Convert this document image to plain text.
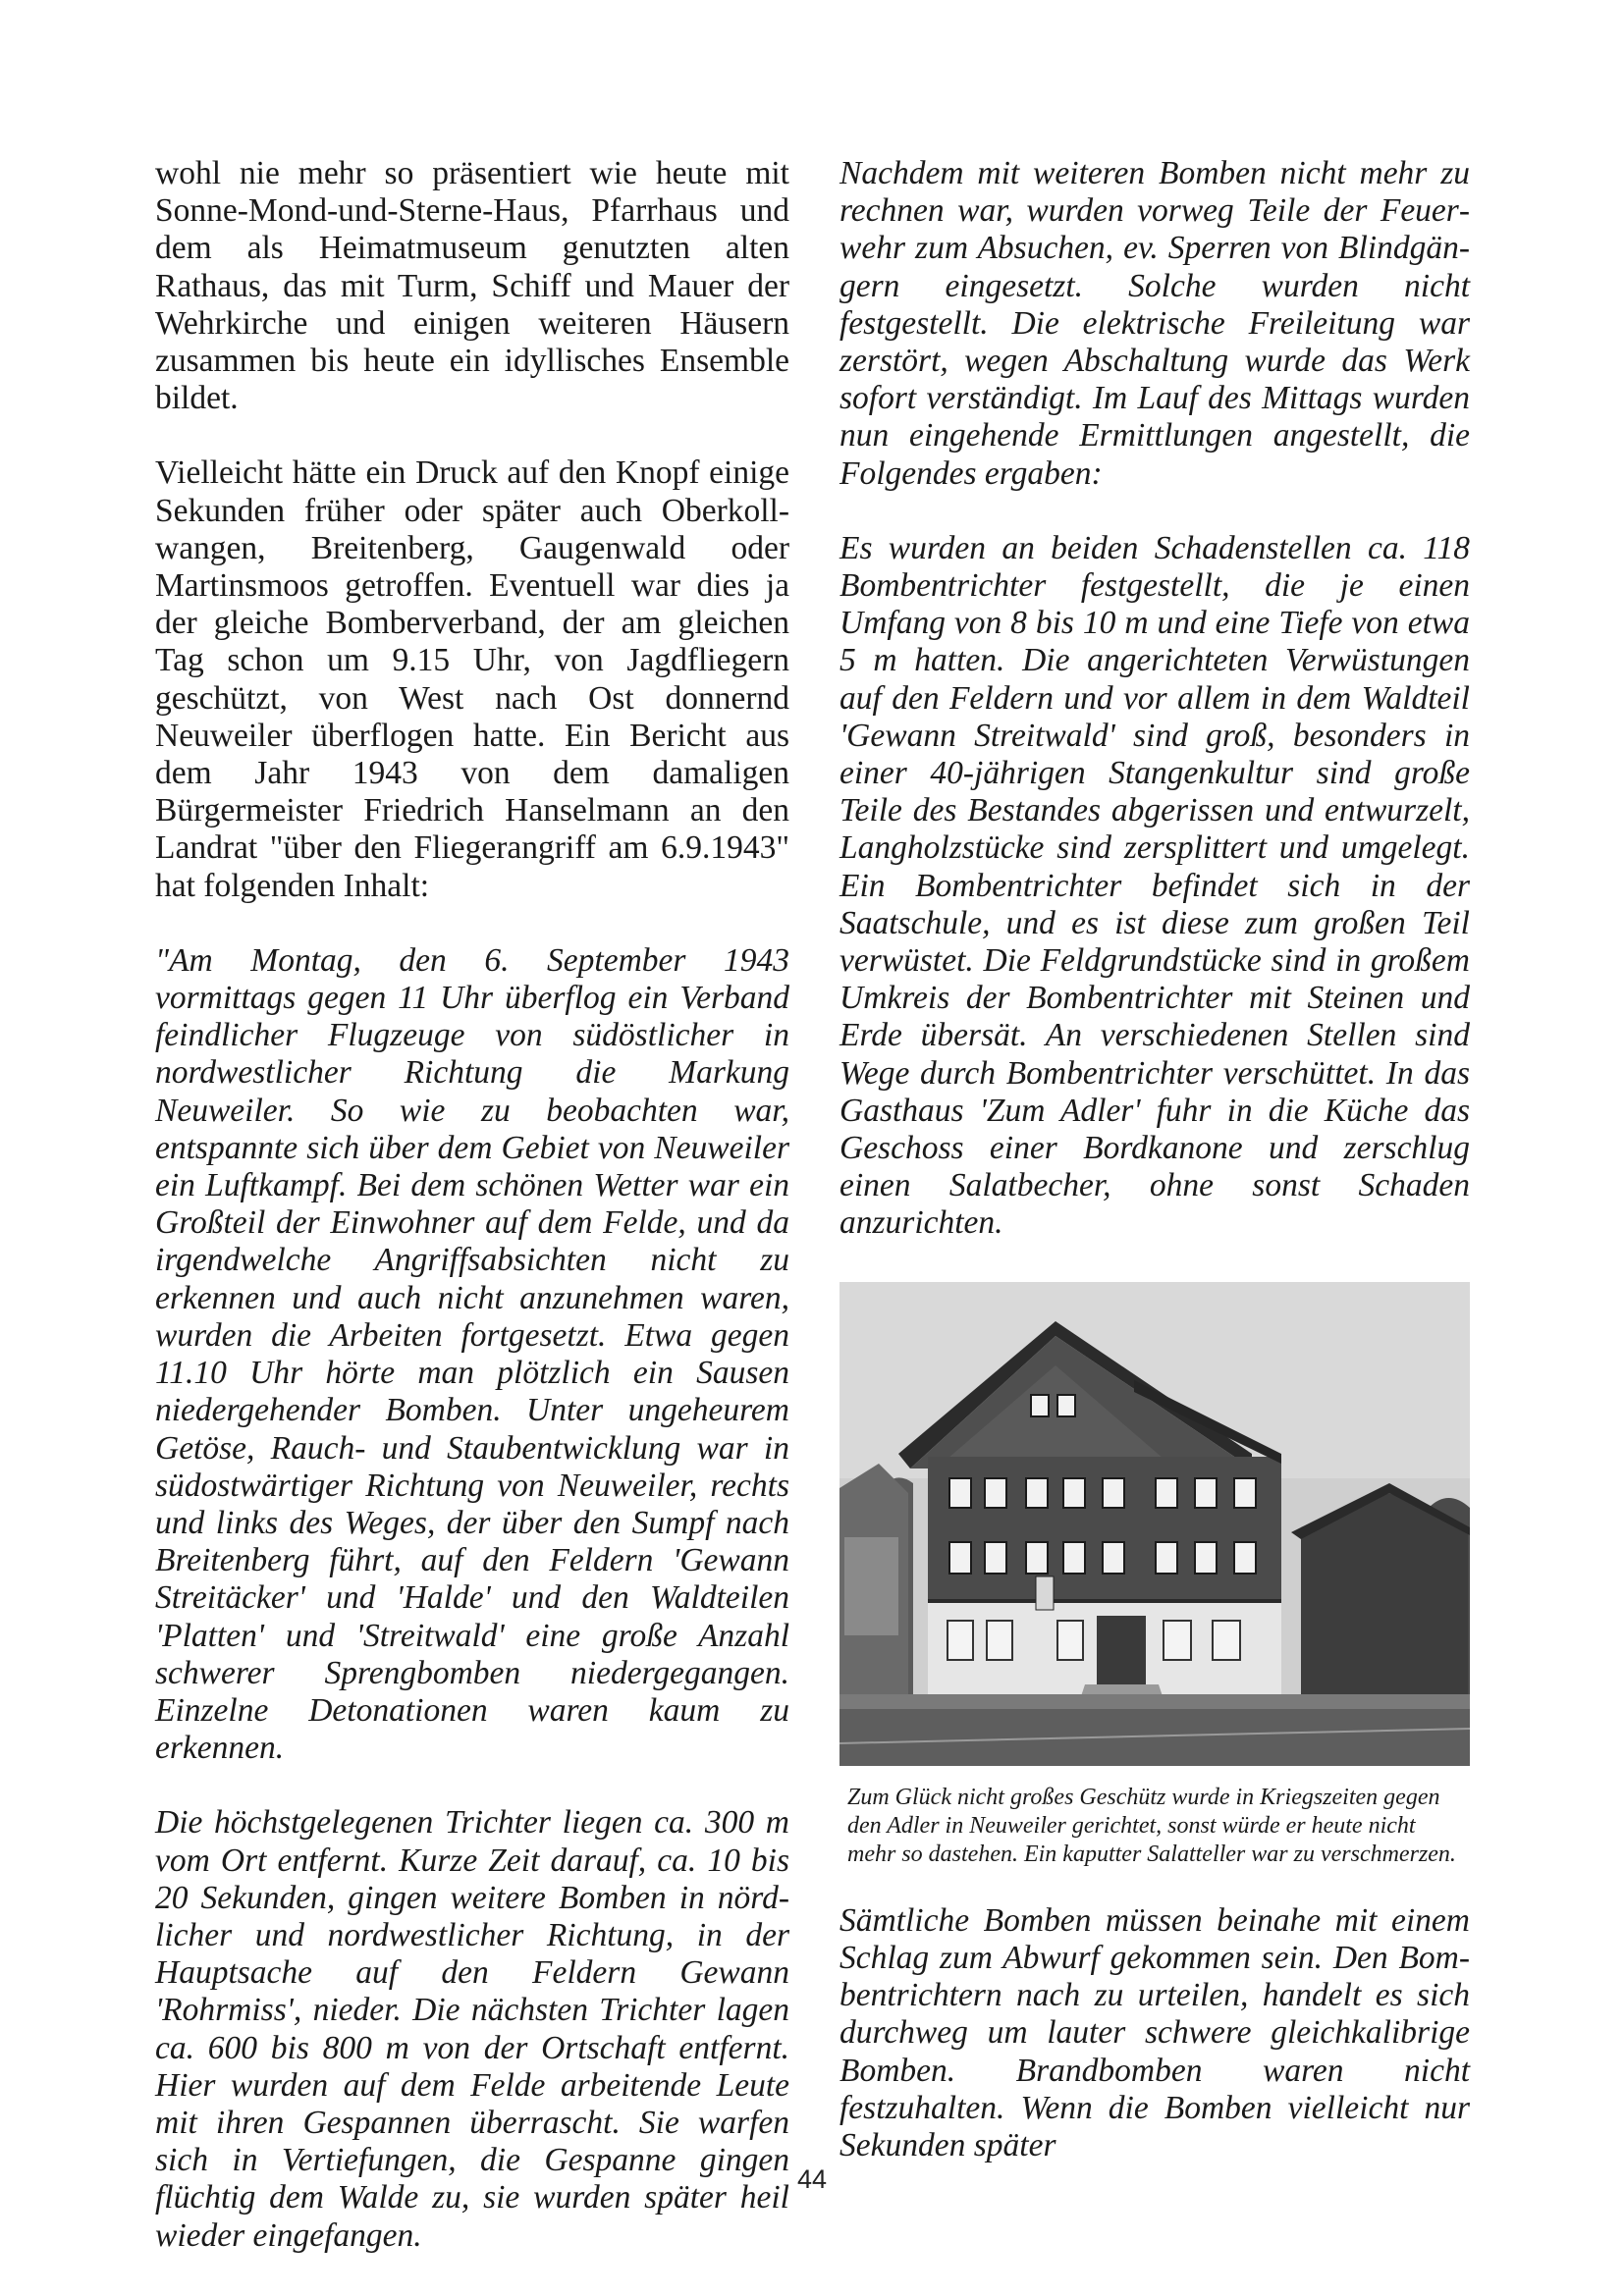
wohl nie mehr so präsentiert wie heute mit Sonne-Mond-und-Sterne-Haus, Pfarrhaus und dem als Heimatmuseum genutzten alten Rathaus, das mit Turm, Schiff und Mauer der Wehrkirche und einigen weiteren Häusern zusammen bis heute ein idyllisches Ensemble bildet.

Vielleicht hätte ein Druck auf den Knopf einige Sekunden früher oder später auch Oberkollwangen, Breitenberg, Gaugenwald oder Martinsmoos getroffen. Eventuell war dies ja der gleiche Bomberverband, der am gleichen Tag schon um 9.15 Uhr, von Jagdfliegern geschützt, von West nach Ost donnernd Neuweiler überflogen hatte. Ein Bericht aus dem Jahr 1943 von dem damaligen Bürgermeister Friedrich Hanselmann an den Landrat "über den Fliegerangriff am 6.9.1943" hat folgenden Inhalt:

"Am Montag, den 6. September 1943 vormittags gegen 11 Uhr überflog ein Verband feindlicher Flugzeuge von südöstlicher in nordwestlicher Richtung die Markung Neuweiler. So wie zu beobachten war, entspannte sich über dem Gebiet von Neuweiler ein Luftkampf. Bei dem schönen Wetter war ein Großteil der Einwohner auf dem Felde, und da irgendwelche Angriffsabsichten nicht zu erkennen und auch nicht anzunehmen waren, wurden die Arbeiten fortgesetzt. Etwa gegen 11.10 Uhr hörte man plötzlich ein Sausen niedergehender Bomben. Unter ungeheurem Getöse, Rauch- und Staubentwicklung war in südostwärtiger Richtung von Neuweiler, rechts und links des Weges, der über den Sumpf nach Breitenberg führt, auf den Feldern 'Gewann Streitäcker' und 'Halde' und den Waldteilen 'Platten' und 'Streitwald' eine große Anzahl schwerer Sprengbomben niedergegangen. Einzelne Detonationen waren kaum zu erkennen.

Die höchstgelegenen Trichter liegen ca. 300 m vom Ort entfernt. Kurze Zeit darauf, ca. 10 bis 20 Sekunden, gingen weitere Bomben in nördlicher und nordwestlicher Richtung, in der Hauptsache auf den Feldern Gewann 'Rohrmiss', nieder. Die nächsten Trichter lagen ca. 600 bis 800 m von der Ortschaft entfernt. Hier wurden auf dem Felde arbeitende Leute mit ihren Gespannen überrascht. Sie warfen sich in Vertiefungen, die Gespanne gingen flüchtig dem Walde zu, sie wurden später heil wieder eingefangen.

Nachdem mit weiteren Bomben nicht mehr zu rechnen war, wurden vorweg Teile der Feuerwehr zum Absuchen, ev. Sperren von Blindgängern eingesetzt. Solche wurden nicht festgestellt. Die elektrische Freileitung war zerstört, wegen Abschaltung wurde das Werk sofort verständigt. Im Lauf des Mittags wurden nun eingehende Ermittlungen angestellt, die Folgendes ergaben:

Es wurden an beiden Schadenstellen ca. 118 Bombentrichter festgestellt, die je einen Umfang von 8 bis 10 m und eine Tiefe von etwa 5 m hatten. Die angerichteten Verwüstungen auf den Feldern und vor allem in dem Waldteil 'Gewann Streitwald' sind groß, besonders in einer 40-jährigen Stangenkultur sind große Teile des Bestandes abgerissen und entwurzelt, Langholzstücke sind zersplittert und umgelegt. Ein Bombentrichter befindet sich in der Saatschule, und es ist diese zum großen Teil verwüstet. Die Feldgrundstücke sind in großem Umkreis der Bombentrichter mit Steinen und Erde übersät. An verschiedenen Stellen sind Wege durch Bombentrichter verschüttet. In das Gasthaus 'Zum Adler' fuhr in die Küche das Geschoss einer Bordkanone und zerschlug einen Salatbecher, ohne sonst Schaden anzurichten.

Zum Glück nicht großes Geschütz wurde in Kriegszeiten gegen den Adler in Neuweiler gerichtet, sonst würde er heute nicht mehr so dastehen. Ein kaputter Salatteller war zu verschmerzen.

Sämtliche Bomben müssen beinahe mit einem Schlag zum Abwurf gekommen sein. Den Bombentrichtern nach zu urteilen, handelt es sich durchweg um lauter schwere gleichkalibrige Bomben. Brandbomben waren nicht festzuhalten. Wenn die Bomben vielleicht nur Sekunden später

44
